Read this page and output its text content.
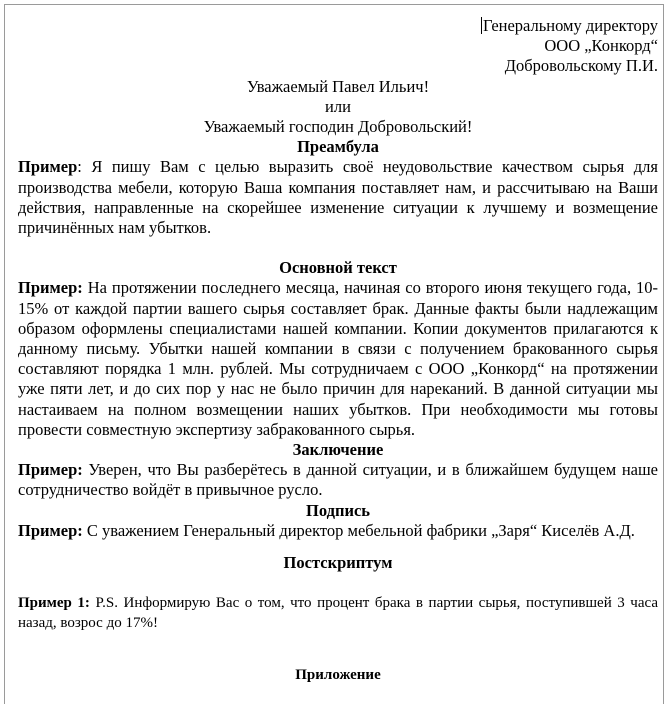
Генеральному директору

ООО „Конкорд“

Добровольскому П.И.

Уважаемый Павел Ильич!

или

Уважаемый господин Добровольский!

Преамбула

Пример: Я пишу Вам с целью выразить своё неудовольствие качеством сырья для производства мебели, которую Ваша компания поставляет нам, и рассчитываю на Ваши действия, направленные на скорейшее изменение ситуации к лучшему и возмещение причинённых нам убытков.

Основной текст

Пример: На протяжении последнего месяца, начиная со второго июня текущего года, 10-15% от каждой партии вашего сырья составляет брак. Данные факты были надлежащим образом оформлены специалистами нашей компании. Копии документов прилагаются к данному письму. Убытки нашей компании в связи с получением бракованного сырья составляют порядка 1 млн. рублей. Мы сотрудничаем с ООО „Конкорд“ на протяжении уже пяти лет, и до сих пор у нас не было причин для нареканий. В данной ситуации мы настаиваем на полном возмещении наших убытков. При необходимости мы готовы провести совместную экспертизу забракованного сырья.

Заключение

Пример: Уверен, что Вы разберётесь в данной ситуации, и в ближайшем будущем наше сотрудничество войдёт в привычное русло.

Подпись

Пример: С уважением Генеральный директор мебельной фабрики „Заря“ Киселёв А.Д.

Постскриптум

Пример 1: P.S. Информирую Вас о том, что процент брака в партии сырья, поступившей 3 часа назад, возрос до 17%!

Приложение
